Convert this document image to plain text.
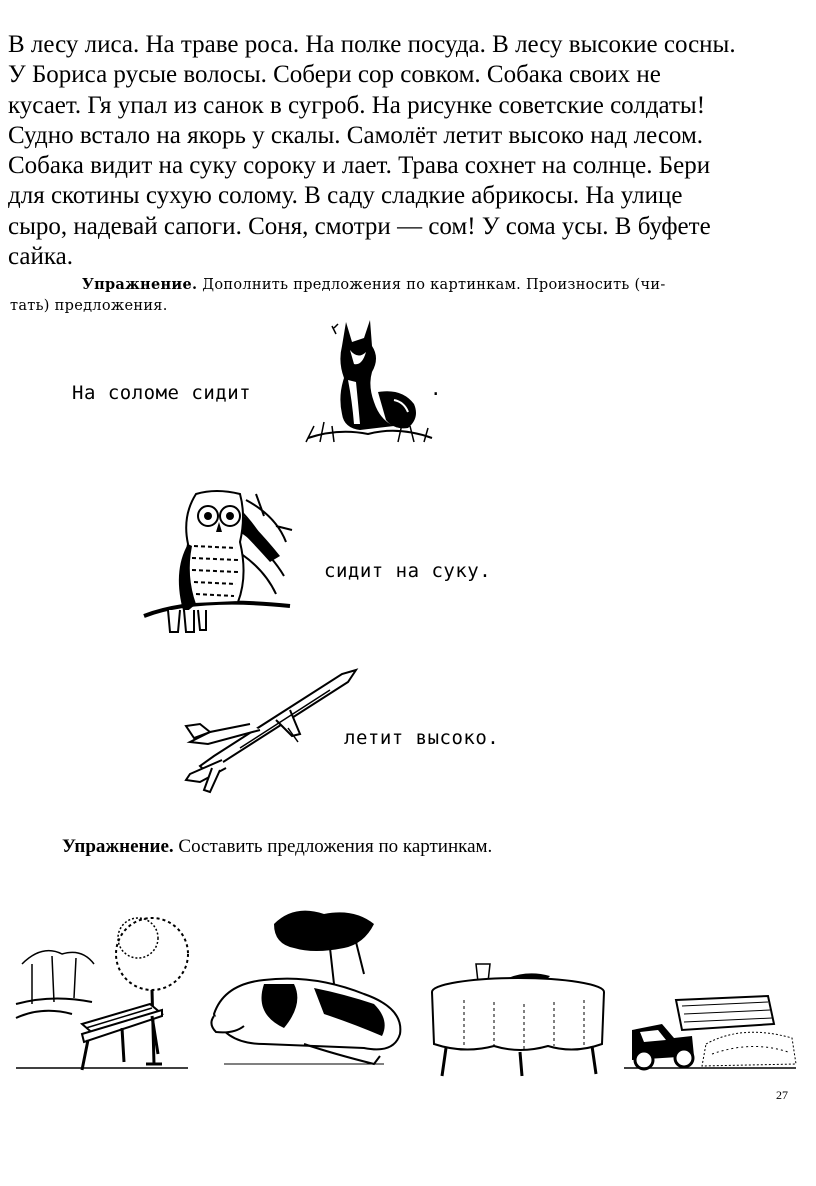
В лесу лиса. На траве роса. На полке посуда. В лесу высокие сосны.
У Бориса русые волосы. Собери сор совком. Собака своих не
кусает. Гя упал из санок в сугроб. На рисунке советские солдаты!
Судно встало на якорь у скалы. Самолёт летит высоко над лесом.
Собака видит на суку сороку и лает. Трава сохнет на солнце. Бери
для скотины сухую солому. В саду сладкие абрикосы. На улице
сыро, надевай сапоги. Соня, смотри — сом! У сома усы. В буфете
сайка.
Упражнение. Дополнить предложения по картинкам. Произносить (чи-
тать) предложения.
На соломе сидит	.
сидит на суку.
летит высоко.
Упражнение. Составить предложения по картинкам.
27
